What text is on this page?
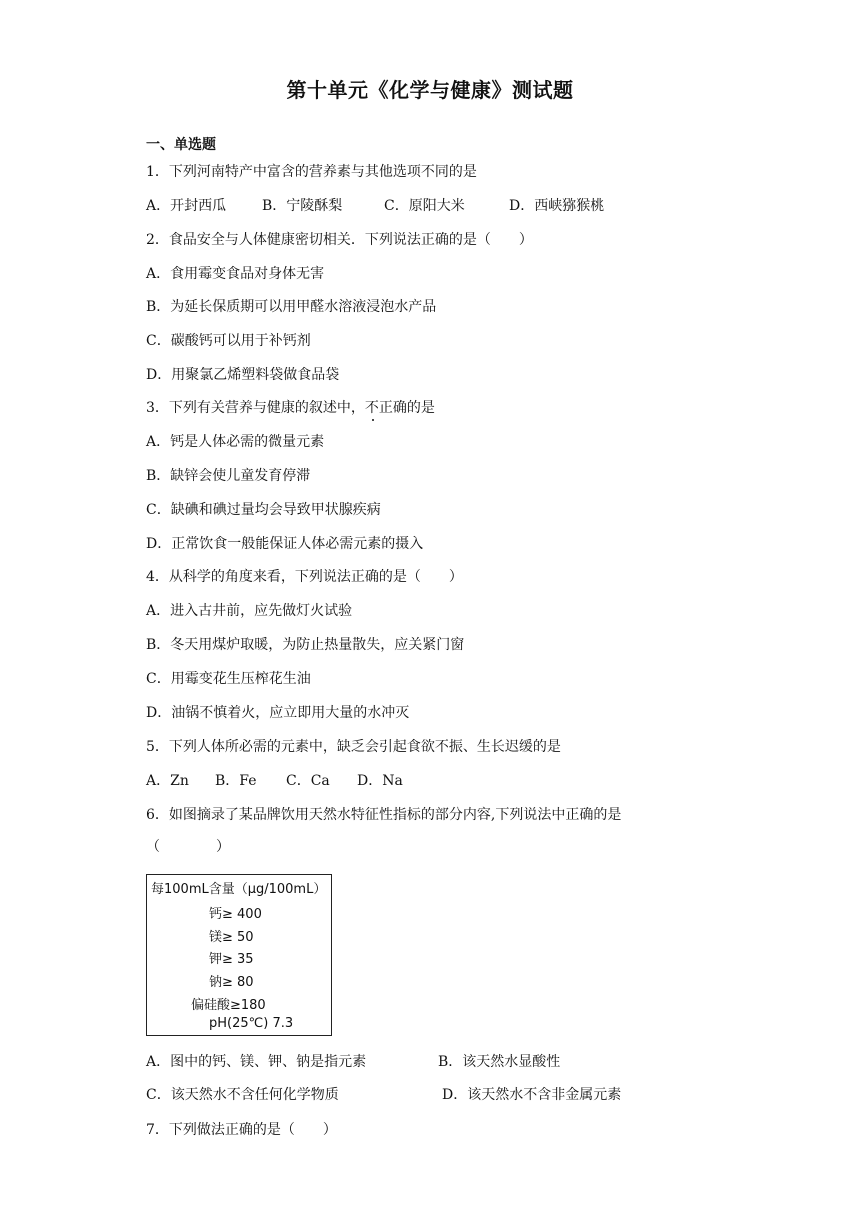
第十单元《化学与健康》测试题
一、单选题
1．下列河南特产中富含的营养素与其他选项不同的是
A．开封西瓜	B．宁陵酥梨	C．原阳大米	D．西峡猕猴桃
2．食品安全与人体健康密切相关．下列说法正确的是（　　）
A．食用霉变食品对身体无害
B．为延长保质期可以用甲醛水溶液浸泡水产品
C．碳酸钙可以用于补钙剂
D．用聚氯乙烯塑料袋做食品袋
3．下列有关营养与健康的叙述中，不正确的是
A．钙是人体必需的微量元素
B．缺锌会使儿童发育停滞
C．缺碘和碘过量均会导致甲状腺疾病
D．正常饮食一般能保证人体必需元素的摄入
4．从科学的角度来看，下列说法正确的是（　　）
A．进入古井前，应先做灯火试验
B．冬天用煤炉取暖，为防止热量散失，应关紧门窗
C．用霉变花生压榨花生油
D．油锅不慎着火，应立即用大量的水冲灭
5．下列人体所必需的元素中，缺乏会引起食欲不振、生长迟缓的是
A．Zn B．Fe C．Ca D．Na
6．如图摘录了某品牌饮用天然水特征性指标的部分内容,下列说法中正确的是
（　　　　）
每100mL含量（μg/100mL）
钙≥ 400
镁≥ 50
钾≥ 35
钠≥ 80
偏硅酸≥180
pH(25℃) 7.3
A．图中的钙、镁、钾、钠是指元素	B．该天然水显酸性
C．该天然水不含任何化学物质	D．该天然水不含非金属元素
7．下列做法正确的是（　　）
